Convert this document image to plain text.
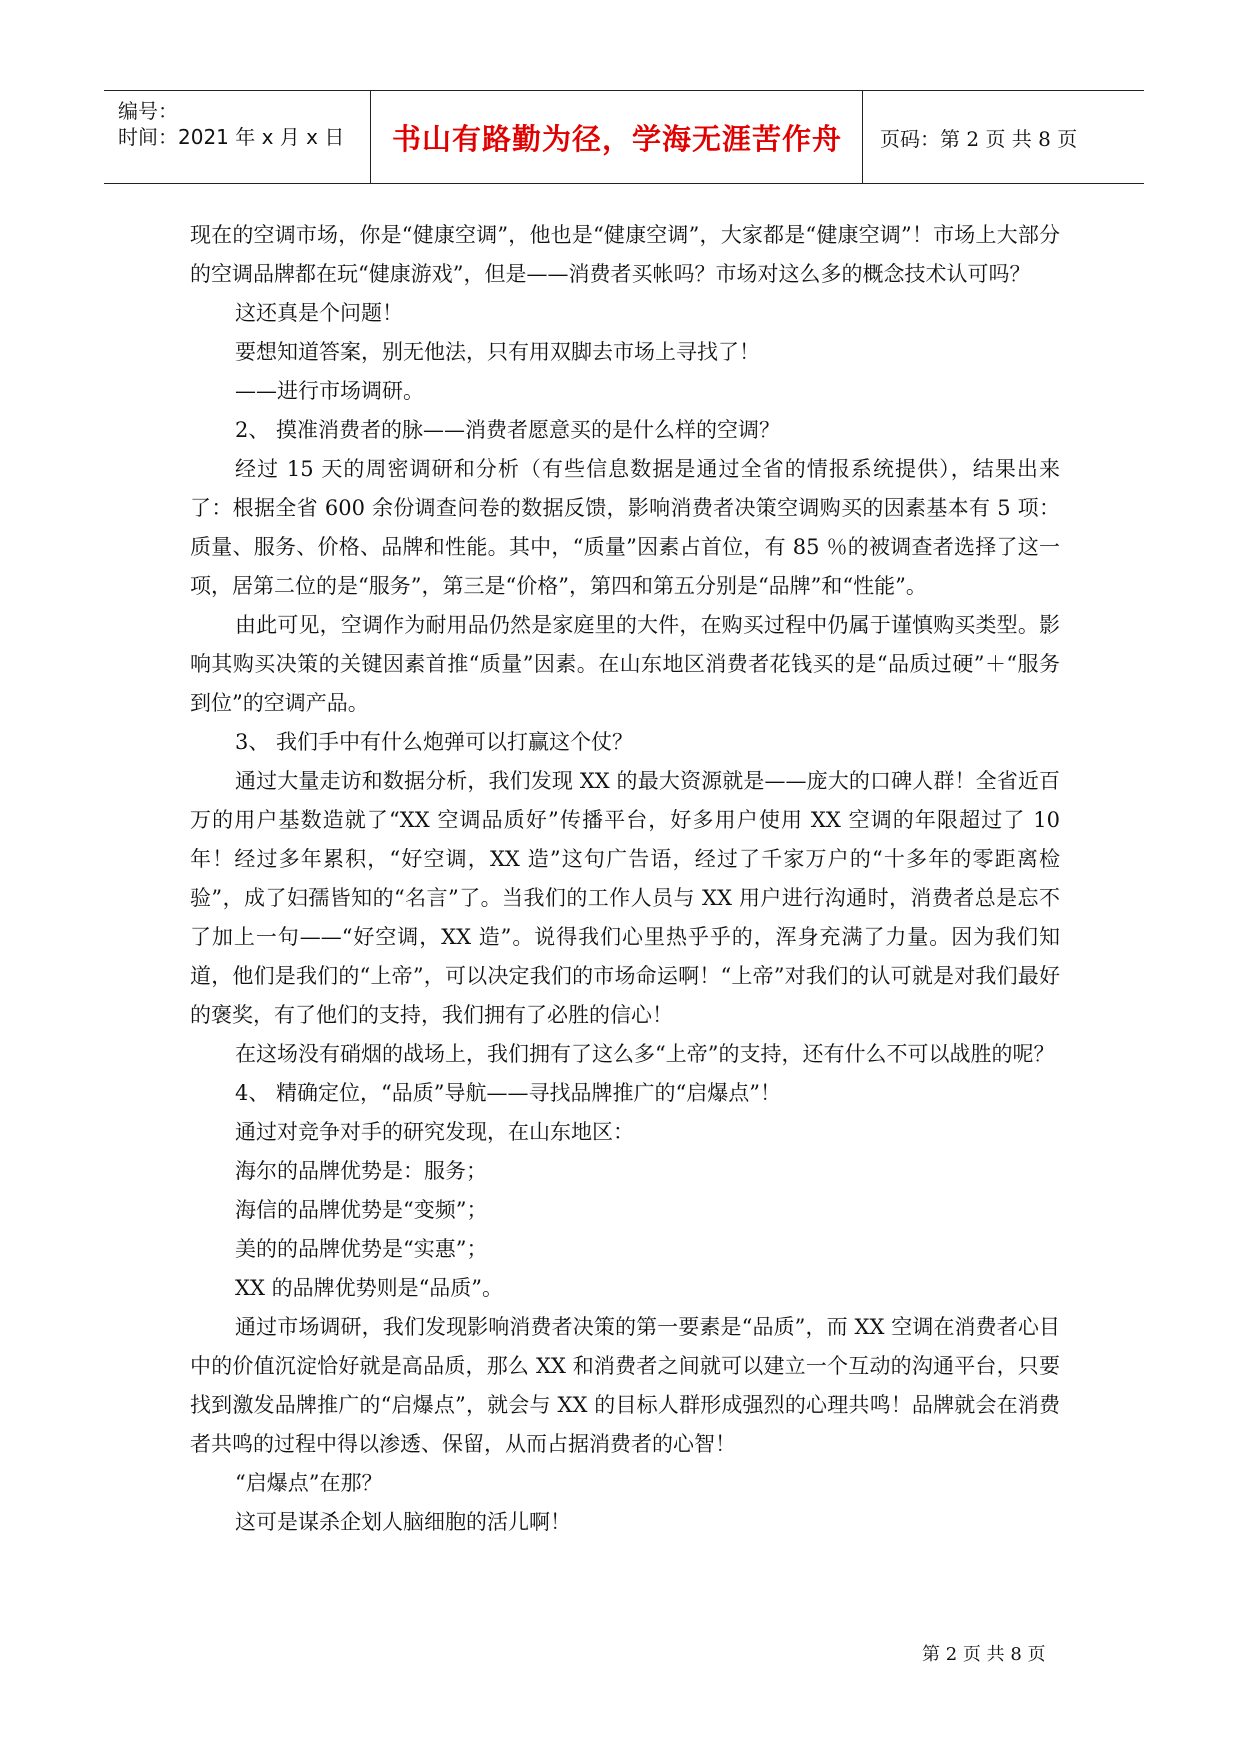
编号：
时间：2021 年 x 月 x 日 书山有路勤为径，学海无涯苦作舟 页码：第 2 页 共 8 页

现在的空调市场，你是“健康空调”，他也是“健康空调”，大家都是“健康空调”！市场上大部分的空调品牌都在玩“健康游戏”，但是——消费者买帐吗？市场对这么多的概念技术认可吗？

这还真是个问题！

要想知道答案，别无他法，只有用双脚去市场上寻找了！

——进行市场调研。

2、 摸准消费者的脉——消费者愿意买的是什么样的空调？

经过 15 天的周密调研和分析（有些信息数据是通过全省的情报系统提供），结果出来了：根据全省 600 余份调查问卷的数据反馈，影响消费者决策空调购买的因素基本有 5 项：质量、服务、价格、品牌和性能。其中，“质量”因素占首位，有 85 ％的被调查者选择了这一项，居第二位的是“服务”，第三是“价格”，第四和第五分别是“品牌”和“性能”。

由此可见，空调作为耐用品仍然是家庭里的大件，在购买过程中仍属于谨慎购买类型。影响其购买决策的关键因素首推“质量”因素。在山东地区消费者花钱买的是“品质过硬”＋“服务到位”的空调产品。

3、 我们手中有什么炮弹可以打赢这个仗？

通过大量走访和数据分析，我们发现 XX 的最大资源就是——庞大的口碑人群！全省近百万的用户基数造就了“XX 空调品质好”传播平台，好多用户使用 XX 空调的年限超过了 10 年！经过多年累积，“好空调，XX 造”这句广告语，经过了千家万户的“十多年的零距离检验”，成了妇孺皆知的“名言”了。当我们的工作人员与 XX 用户进行沟通时，消费者总是忘不了加上一句——“好空调，XX 造”。说得我们心里热乎乎的，浑身充满了力量。因为我们知道，他们是我们的“上帝”，可以决定我们的市场命运啊！“上帝”对我们的认可就是对我们最好的褒奖，有了他们的支持，我们拥有了必胜的信心！

在这场没有硝烟的战场上，我们拥有了这么多“上帝”的支持，还有什么不可以战胜的呢？

4、 精确定位，“品质”导航——寻找品牌推广的“启爆点”！

通过对竞争对手的研究发现，在山东地区：

海尔的品牌优势是：服务；

海信的品牌优势是“变频”；

美的的品牌优势是“实惠”；

XX 的品牌优势则是“品质”。

通过市场调研，我们发现影响消费者决策的第一要素是“品质”，而 XX 空调在消费者心目中的价值沉淀恰好就是高品质，那么 XX 和消费者之间就可以建立一个互动的沟通平台，只要找到激发品牌推广的“启爆点”，就会与 XX 的目标人群形成强烈的心理共鸣！品牌就会在消费者共鸣的过程中得以渗透、保留，从而占据消费者的心智！

“启爆点”在那？

这可是谋杀企划人脑细胞的活儿啊！

第 2 页 共 8 页
